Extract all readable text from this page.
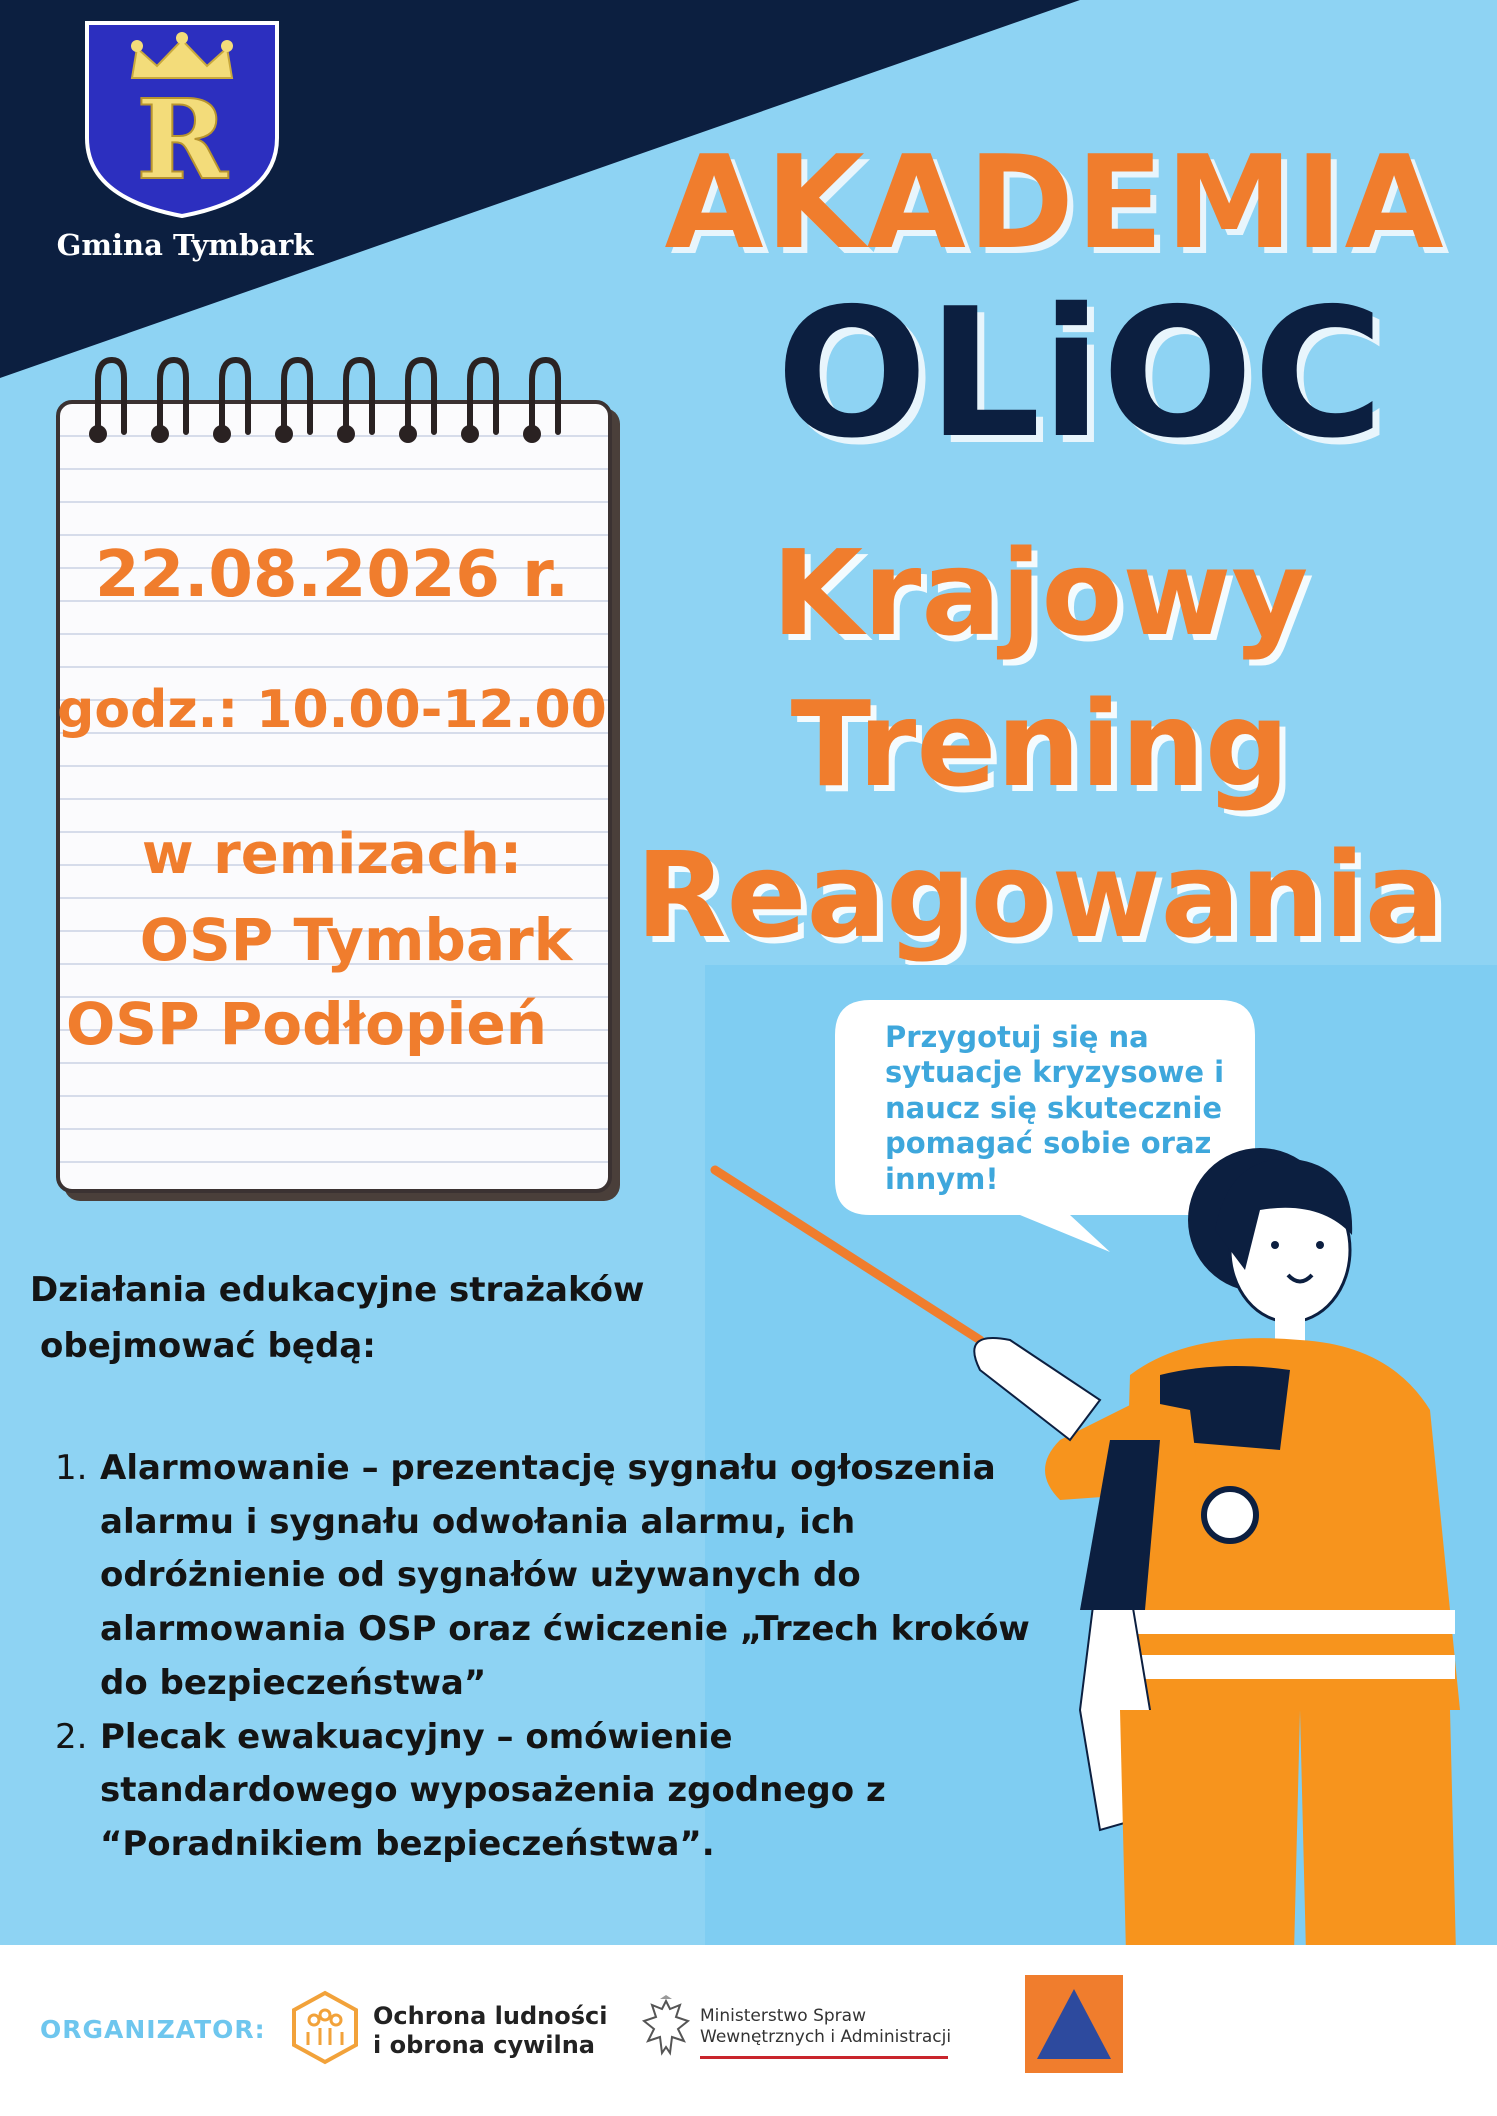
R
Gmina Tymbark	AKADEMIA
OLiOC
Krajowy
Trening
Reagowania
22.08.2026 r.
godz.: 10.00-12.00
w remizach:
OSP Tymbark
OSP Podłopień	Przygotuj się na sytuacje kryzysowe i naucz się skutecznie pomagać sobie oraz innym!
Działania edukacyjne strażaków
obejmować będą:
1. Alarmowanie – prezentację sygnału ogłoszenia alarmu i sygnału odwołania alarmu, ich odróżnienie od sygnałów używanych do alarmowania OSP oraz ćwiczenie „Trzech kroków do bezpieczeństwa”
2. Plecak ewakuacyjny – omówienie standardowego wyposażenia zgodnego z “Poradnikiem bezpieczeństwa”.
ORGANIZATOR:	Ochrona ludności
i obrona cywilna
Ministerstwo Spraw
Wewnętrznych i Administracji
